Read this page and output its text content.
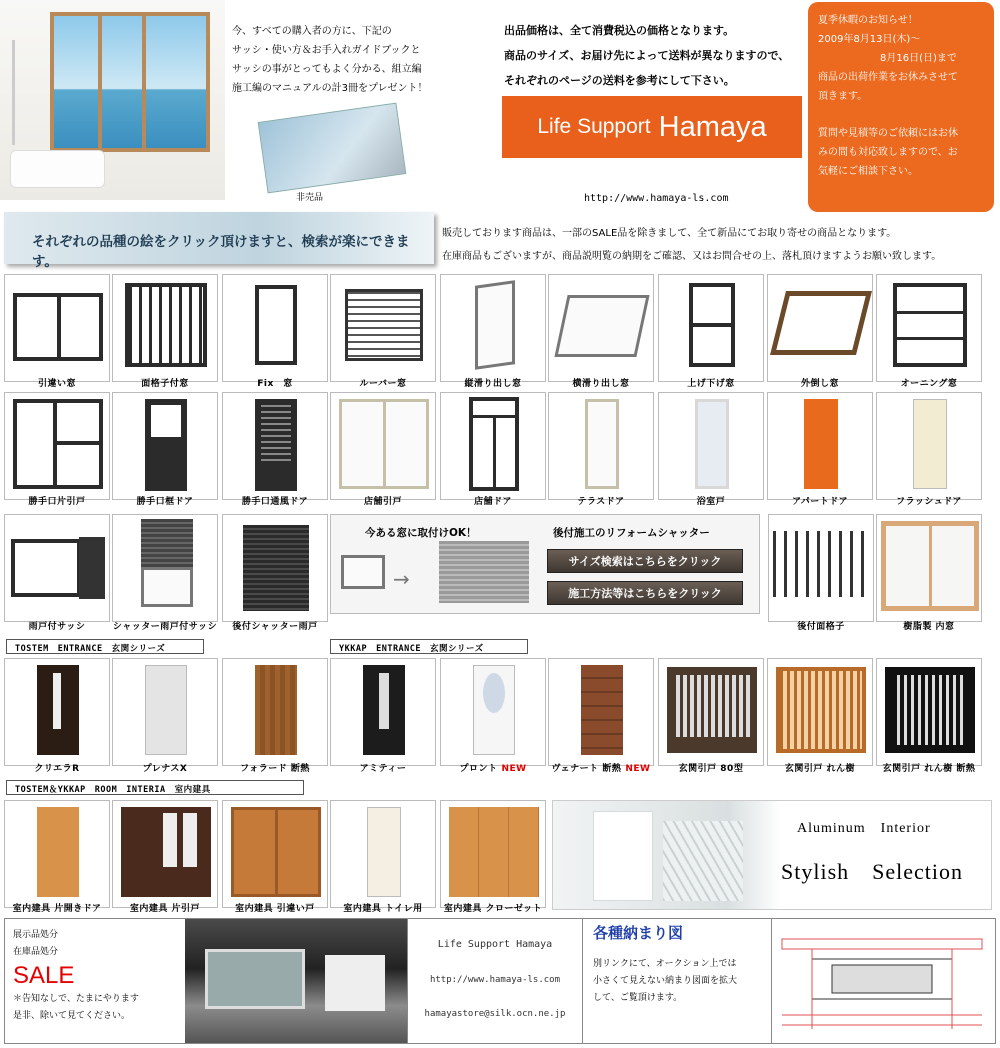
今、すべての購入者の方に、下記の
サッシ・使い方＆お手入れガイドブックと
サッシの事がとってもよく分かる、組立編
施工編のマニュアルの計3冊をプレゼント！
非売品
出品価格は、全て消費税込の価格となります。
商品のサイズ、お届け先によって送料が異なりますので、
それぞれのページの送料を参考にして下さい。
Life Support Hamaya
http://www.hamaya-ls.com
夏季休暇のお知らせ！
2009年8月13日(木)～
8月16日(日)まで
商品の出荷作業をお休みさせて
頂きます。
質問や見積等のご依頼にはお休
みの間も対応致しますので、お
気軽にご相談下さい。
それぞれの品種の絵をクリック頂けますと、検索が楽にできます。
販売しております商品は、一部のSALE品を除きまして、全て新品にてお取り寄せの商品となります。
在庫商品もございますが、商品説明覧の納期をご確認、又はお問合せの上、落札頂けますようお願い致します。
雨戸付サッシ	シャッター雨戸付サッシ	後付シャッター雨戸
今ある窓に取付けOK！
→
後付施工のリフォームシャッター
サイズ検索はこちらをクリック
施工方法等はこちらをクリック
後付面格子	樹脂製 内窓
TOSTEM　ENTRANCE　玄関シリーズ	YKKAP　ENTRANCE　玄関シリーズ
TOSTEM＆YKKAP　ROOM　INTERIA　室内建具
Aluminum　Interior
Stylish　Selection
展示品処分
在庫品処分
SALE
＊告知なしで、たまにやります
是非、除いて見てください。
Life Support Hamaya
http://www.hamaya-ls.com
hamayastore@silk.ocn.ne.jp
各種納まり図
別リンクにて、オークション上では
小さくて見えない納まり図面を拡大
して、ご覧頂けます。
引違い窓	面格子付窓	Fix　窓	ルーバー窓	縦滑り出し窓	横滑り出し窓	上げ下げ窓	外倒し窓	オーニング窓
勝手口片引戸	勝手口框ドア	勝手口通風ドア	店舗引戸	店舗ドア	テラスドア	浴室戸	アパートドア	フラッシュドア
クリエラR	プレナスX	フォラード 断熱	アミティー	プロント NEW	ヴェナート 断熱 NEW	玄関引戸 80型	玄関引戸 れん樹	玄関引戸 れん樹 断熱
室内建具 片開きドア	室内建具 片引戸	室内建具 引違い戸	室内建具 トイレ用	室内建具 クローゼット
